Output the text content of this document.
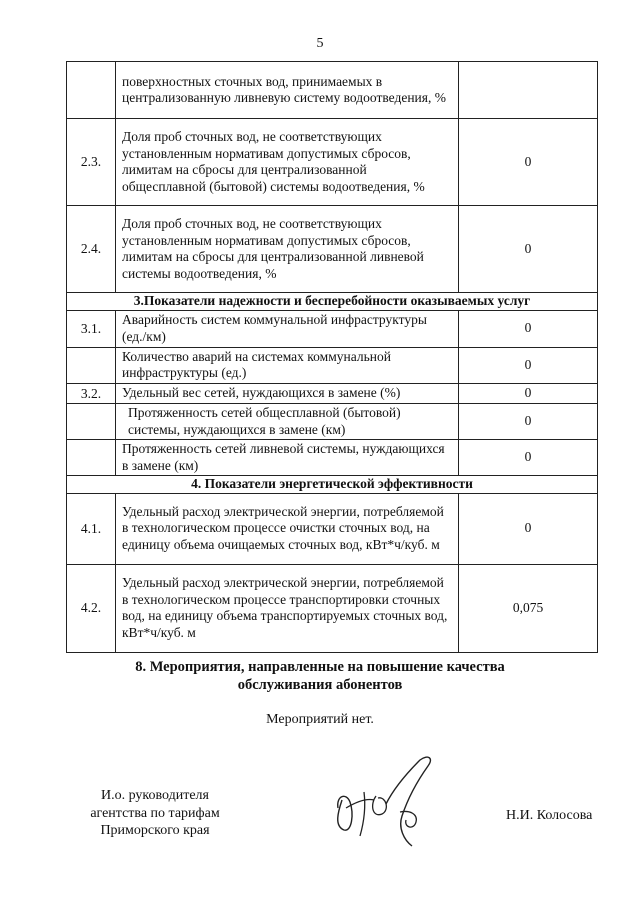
5
	поверхностных сточных вод, принимаемых в централизованную ливневую систему водоотведения, %	
2.3.	Доля проб сточных вод, не соответствующих установленным нормативам допустимых сбросов, лимитам на сбросы для централизованной общесплавной (бытовой) системы водоотведения, %	0
2.4.	Доля проб сточных вод, не соответствующих установленным нормативам допустимых сбросов, лимитам на сбросы для централизованной ливневой системы водоотведения, %	0
3.Показатели надежности и бесперебойности оказываемых услуг		
3.1.	Аварийность систем коммунальной инфраструктуры (ед./км)	0
	Количество аварий на системах коммунальной инфраструктуры (ед.)	0
3.2.	Удельный вес сетей, нуждающихся в замене (%)	0
	Протяженность сетей общесплавной (бытовой) системы, нуждающихся в замене (км)	0
	Протяженность сетей ливневой системы, нуждающихся в замене (км)	0
4. Показатели энергетической эффективности		
4.1.	Удельный расход электрической энергии, потребляемой в технологическом процессе очистки сточных вод, на единицу объема очищаемых сточных вод, кВт*ч/куб. м	0
4.2.	Удельный расход электрической энергии, потребляемой в технологическом процессе транспортировки сточных вод, на единицу объема транспортируемых сточных вод, кВт*ч/куб. м	0,075
8. Мероприятия, направленные на повышение качества
обслуживания абонентов
Мероприятий нет.
И.о. руководителя
агентства по тарифам
Приморского края
Н.И. Колосова
